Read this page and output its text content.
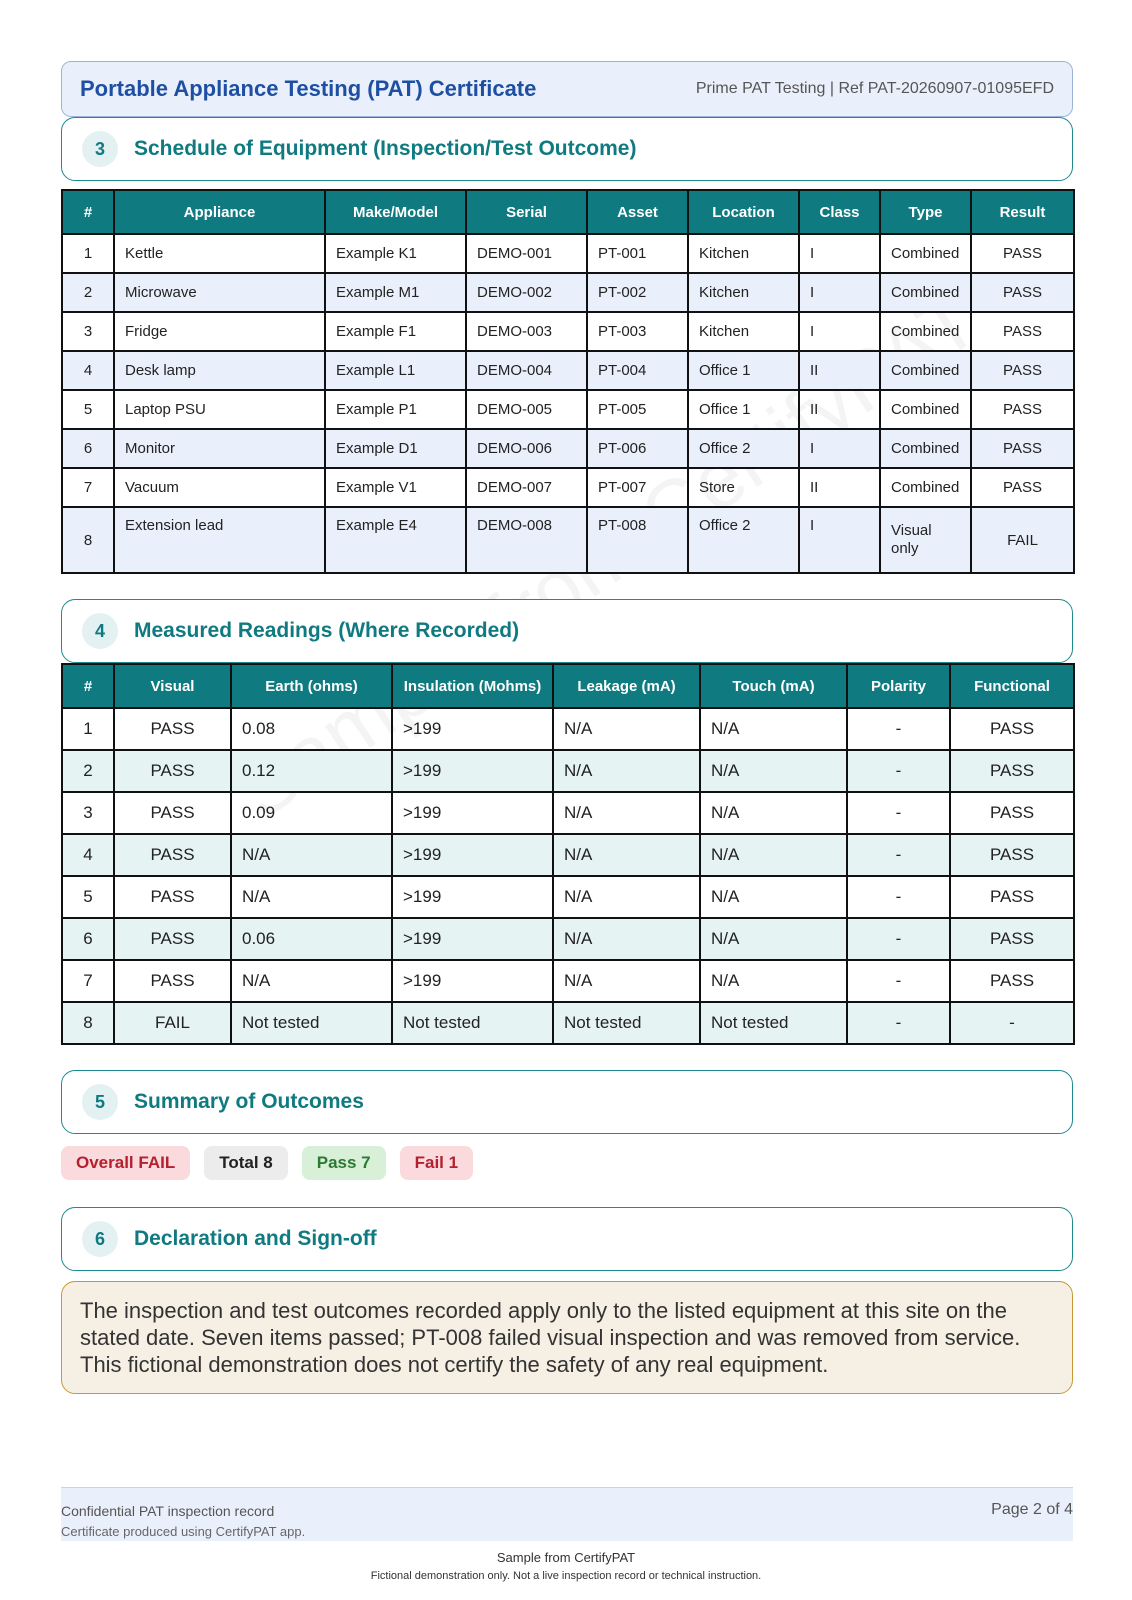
Portable Appliance Testing (PAT) Certificate	Prime PAT Testing | Ref PAT-20260907-01095EFD
3	Schedule of Equipment (Inspection/Test Outcome)
#	Appliance	Make/Model	Serial	Asset	Location	Class	Type	Result
1	Kettle	Example K1	DEMO-001	PT-001	Kitchen	I	Combined	PASS
2	Microwave	Example M1	DEMO-002	PT-002	Kitchen	I	Combined	PASS
3	Fridge	Example F1	DEMO-003	PT-003	Kitchen	I	Combined	PASS
4	Desk lamp	Example L1	DEMO-004	PT-004	Office 1	II	Combined	PASS
5	Laptop PSU	Example P1	DEMO-005	PT-005	Office 1	II	Combined	PASS
6	Monitor	Example D1	DEMO-006	PT-006	Office 2	I	Combined	PASS
7	Vacuum	Example V1	DEMO-007	PT-007	Store	II	Combined	PASS
8	Extension lead	Example E4	DEMO-008	PT-008	Office 2	I	Visual only	FAIL
4	Measured Readings (Where Recorded)
#	Visual	Earth (ohms)	Insulation (Mohms)	Leakage (mA)	Touch (mA)	Polarity	Functional
1	PASS	0.08	>199	N/A	N/A	-	PASS
2	PASS	0.12	>199	N/A	N/A	-	PASS
3	PASS	0.09	>199	N/A	N/A	-	PASS
4	PASS	N/A	>199	N/A	N/A	-	PASS
5	PASS	N/A	>199	N/A	N/A	-	PASS
6	PASS	0.06	>199	N/A	N/A	-	PASS
7	PASS	N/A	>199	N/A	N/A	-	PASS
8	FAIL	Not tested	Not tested	Not tested	Not tested	-	-
5	Summary of Outcomes
Overall FAIL	Total 8	Pass 7	Fail 1
6	Declaration and Sign-off
The inspection and test outcomes recorded apply only to the listed equipment at this site on the stated date. Seven items passed; PT-008 failed visual inspection and was removed from service. This fictional demonstration does not certify the safety of any real equipment.
Confidential PAT inspection record
Certificate produced using CertifyPAT app.
Page 2 of 4
Sample from CertifyPAT
Fictional demonstration only. Not a live inspection record or technical instruction.
